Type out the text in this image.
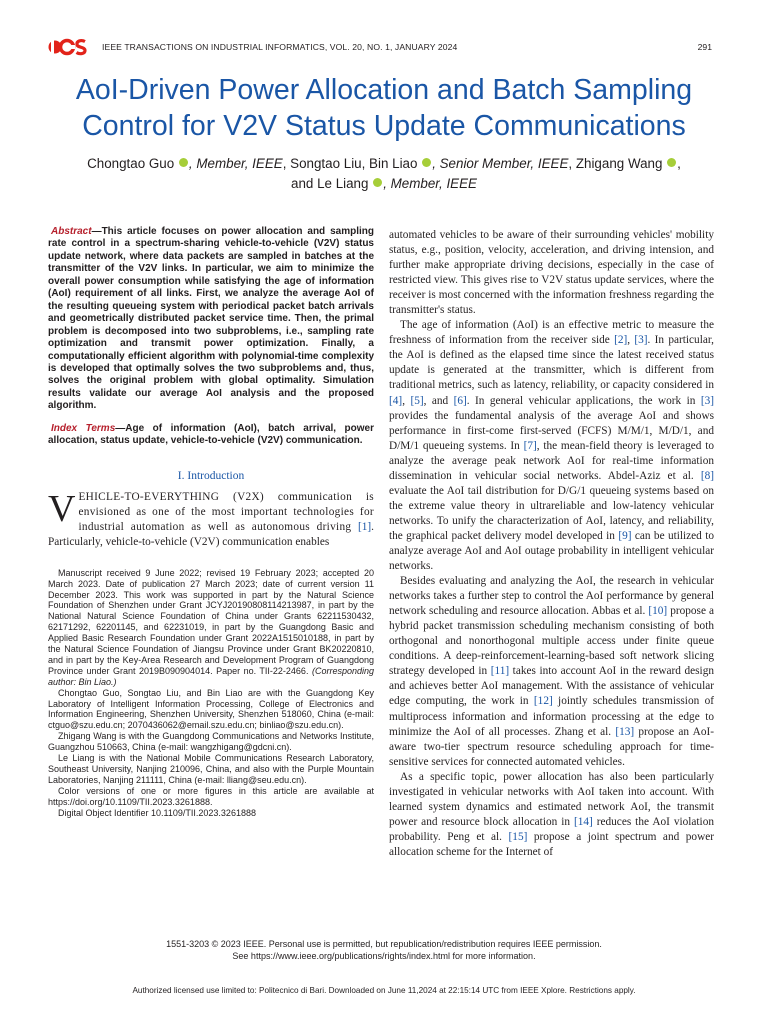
IEEE TRANSACTIONS ON INDUSTRIAL INFORMATICS, VOL. 20, NO. 1, JANUARY 2024	291
AoI-Driven Power Allocation and Batch Sampling
Control for V2V Status Update Communications
Chongtao Guo , Member, IEEE, Songtao Liu, Bin Liao , Senior Member, IEEE, Zhigang Wang ,
and Le Liang , Member, IEEE

Abstract—This article focuses on power allocation and sampling rate control in a spectrum-sharing vehicle-to-vehicle (V2V) status update network, where data packets are sampled in batches at the transmitter of the V2V links. In particular, we aim to minimize the overall power consumption while satisfying the age of information (AoI) requirement of all links. First, we analyze the average AoI of the resulting queueing system with periodical packet batch arrivals and geometrically distributed packet service time. Then, the primal problem is decomposed into two subproblems, i.e., sampling rate optimization and transmit power optimization. Finally, a computationally efficient algorithm with polynomial-time complexity is developed that optimally solves the two subproblems and, thus, solves the original problem with global optimality. Simulation results validate our average AoI analysis and the proposed algorithm.

Index Terms—Age of information (AoI), batch arrival, power allocation, status update, vehicle-to-vehicle (V2V) communication.

I. Introduction

VEHICLE-TO-EVERYTHING (V2X) communication is envisioned as one of the most important technologies for industrial automation as well as autonomous driving [1]. Particularly, vehicle-to-vehicle (V2V) communication enables

Manuscript received 9 June 2022; revised 19 February 2023; accepted 20 March 2023. Date of publication 27 March 2023; date of current version 11 December 2023. This work was supported in part by the Natural Science Foundation of Shenzhen under Grant JCYJ20190808114213987, in part by the National Natural Science Foundation of China under Grants 62211530432, 62171292, 62201145, and 62231019, in part by the Guangdong Basic and Applied Basic Research Foundation under Grant 2022A1515010188, in part by the Natural Science Foundation of Jiangsu Province under Grant BK20220810, and in part by the Key-Area Research and Development Program of Guangdong Province under Grant 2019B090904014. Paper no. TII-22-2466. (Corresponding author: Bin Liao.)

Chongtao Guo, Songtao Liu, and Bin Liao are with the Guangdong Key Laboratory of Intelligent Information Processing, College of Electronics and Information Engineering, Shenzhen University, Shenzhen 518060, China (e-mail: ctguo@szu.edu.cn; 2070436062@email.szu.edu.cn; binliao@szu.edu.cn).

Zhigang Wang is with the Guangdong Communications and Networks Institute, Guangzhou 510663, China (e-mail: wangzhigang@gdcni.cn).

Le Liang is with the National Mobile Communications Research Laboratory, Southeast University, Nanjing 210096, China, and also with the Purple Mountain Laboratories, Nanjing 211111, China (e-mail: lliang@seu.edu.cn).

Color versions of one or more figures in this article are available at https://doi.org/10.1109/TII.2023.3261888.

Digital Object Identifier 10.1109/TII.2023.3261888

automated vehicles to be aware of their surrounding vehicles' mobility status, e.g., position, velocity, acceleration, and driving intension, and further make appropriate driving decisions, especially in the case of restricted view. This gives rise to V2V status update services, where the receiver is most concerned with the information freshness regarding the transmitter's status.

The age of information (AoI) is an effective metric to measure the freshness of information from the receiver side [2], [3]. In particular, the AoI is defined as the elapsed time since the latest received status update is generated at the transmitter, which is different from traditional metrics, such as latency, reliability, or capacity considered in [4], [5], and [6]. In general vehicular applications, the work in [3] provides the fundamental analysis of the average AoI and shows performance in first-come first-served (FCFS) M/M/1, M/D/1, and D/M/1 queueing systems. In [7], the mean-field theory is leveraged to analyze the average peak network AoI for real-time information dissemination in vehicular social networks. Abdel-Aziz et al. [8] evaluate the AoI tail distribution for D/G/1 queueing systems based on the extreme value theory in ultrareliable and low-latency vehicular networks. To unify the characterization of AoI, latency, and reliability, the graphical packet delivery model developed in [9] can be utilized to analyze average AoI and AoI outage probability in intelligent vehicular networks.

Besides evaluating and analyzing the AoI, the research in vehicular networks takes a further step to control the AoI performance by general network scheduling and resource allocation. Abbas et al. [10] propose a hybrid packet transmission scheduling mechanism consisting of both orthogonal and nonorthogonal multiple access under finite queue conditions. A deep-reinforcement-learning-based soft network slicing strategy developed in [11] takes into account AoI in the reward design and achieves better AoI management. With the assistance of vehicular edge computing, the work in [12] jointly schedules transmission of multiprocess information and information processing at the edge to minimize the AoI of all processes. Zhang et al. [13] propose an AoI-aware two-tier spectrum resource scheduling approach for time-sensitive services for connected automated vehicles.

As a specific topic, power allocation has also been particularly investigated in vehicular networks with AoI taken into account. With learned system dynamics and estimated network AoI, the transmit power and resource block allocation in [14] reduces the AoI violation probability. Peng et al. [15] propose a joint spectrum and power allocation scheme for the Internet of

1551-3203 © 2023 IEEE. Personal use is permitted, but republication/redistribution requires IEEE permission.
See https://www.ieee.org/publications/rights/index.html for more information.
Authorized licensed use limited to: Politecnico di Bari. Downloaded on June 11,2024 at 22:15:14 UTC from IEEE Xplore. Restrictions apply.
